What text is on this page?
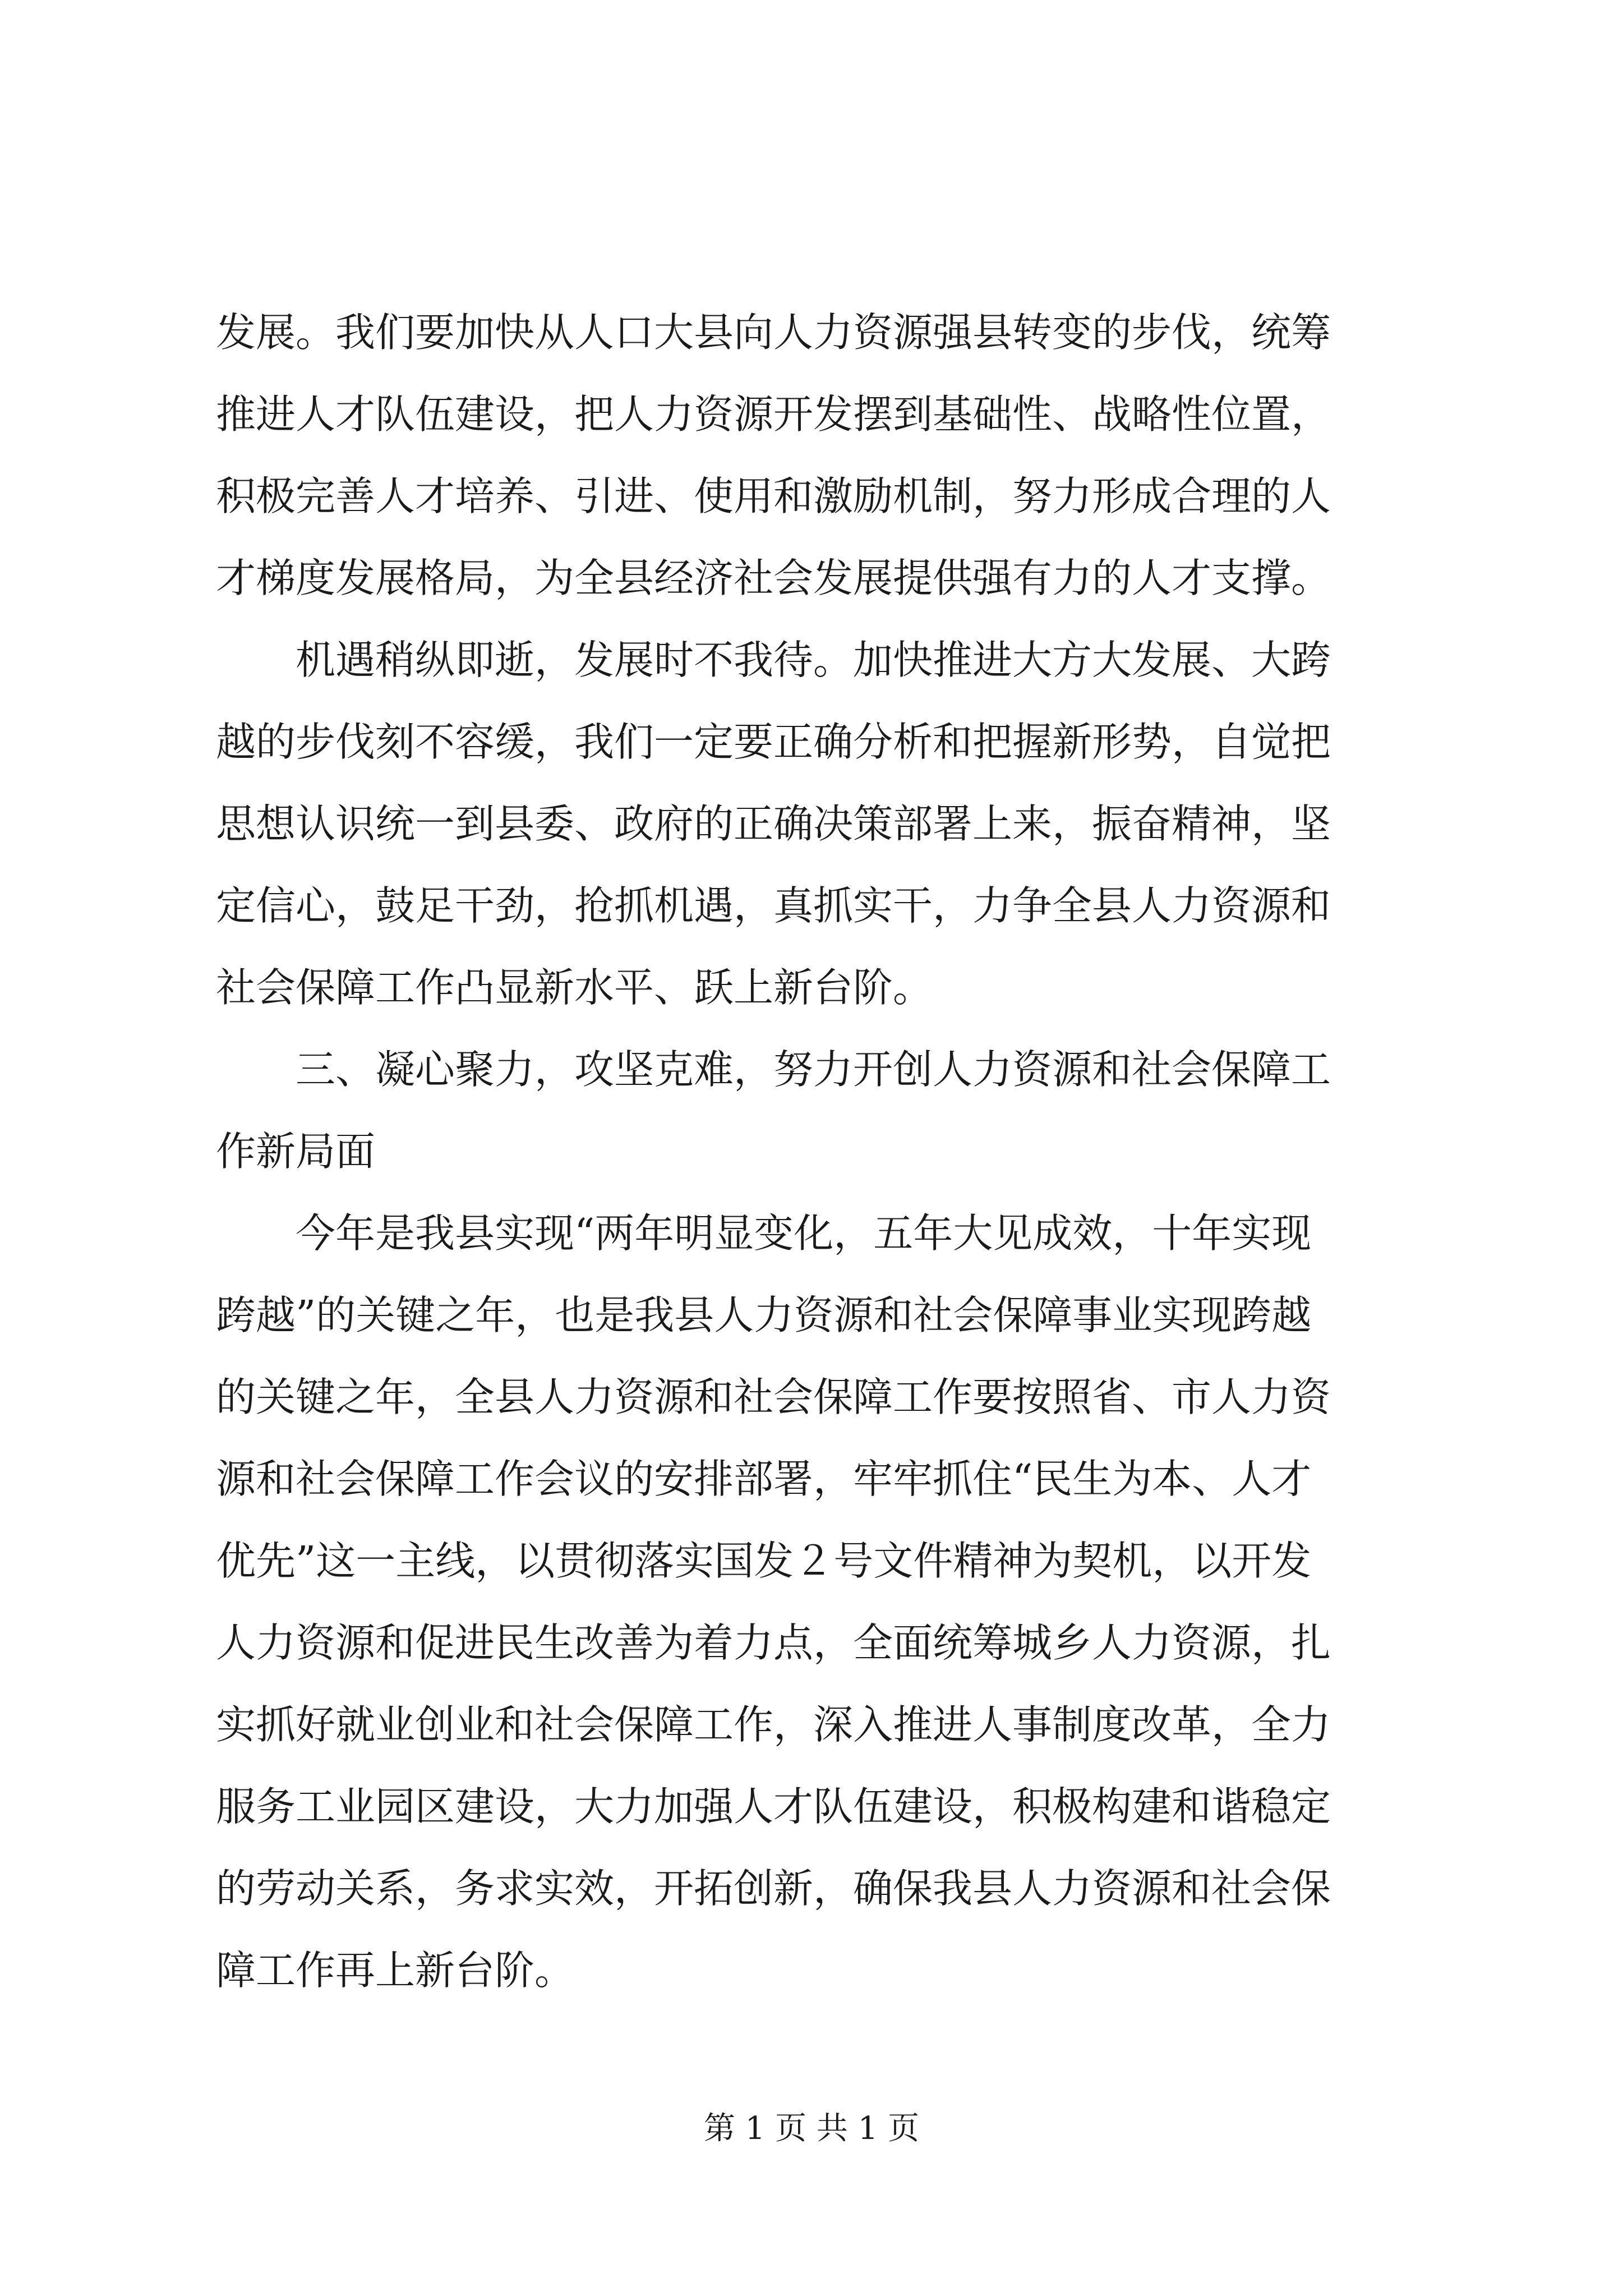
发展。我们要加快从人口大县向人力资源强县转变的步伐，统筹

推进人才队伍建设，把人力资源开发摆到基础性、战略性位置，

积极完善人才培养、引进、使用和激励机制，努力形成合理的人

才梯度发展格局，为全县经济社会发展提供强有力的人才支撑。

　　机遇稍纵即逝，发展时不我待。加快推进大方大发展、大跨

越的步伐刻不容缓，我们一定要正确分析和把握新形势，自觉把

思想认识统一到县委、政府的正确决策部署上来，振奋精神，坚

定信心，鼓足干劲，抢抓机遇，真抓实干，力争全县人力资源和

社会保障工作凸显新水平、跃上新台阶。

　　三、凝心聚力，攻坚克难，努力开创人力资源和社会保障工

作新局面

　　今年是我县实现“两年明显变化，五年大见成效，十年实现

跨越”的关键之年，也是我县人力资源和社会保障事业实现跨越

的关键之年，全县人力资源和社会保障工作要按照省、市人力资

源和社会保障工作会议的安排部署，牢牢抓住“民生为本、人才

优先”这一主线，以贯彻落实国发２号文件精神为契机，以开发

人力资源和促进民生改善为着力点，全面统筹城乡人力资源，扎

实抓好就业创业和社会保障工作，深入推进人事制度改革，全力

服务工业园区建设，大力加强人才队伍建设，积极构建和谐稳定

的劳动关系，务求实效，开拓创新，确保我县人力资源和社会保

障工作再上新台阶。

第 1 页 共 1 页
